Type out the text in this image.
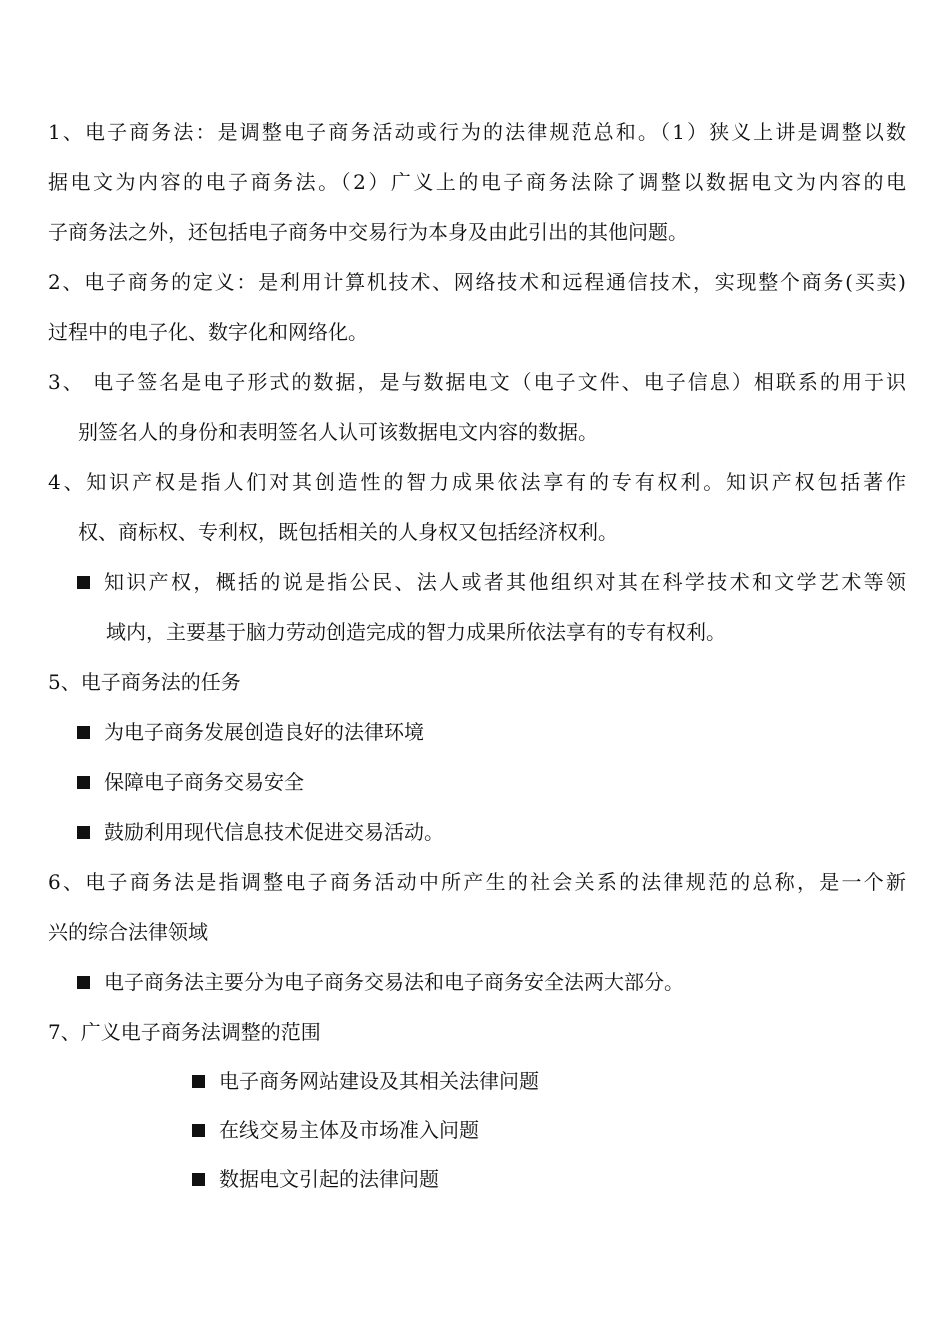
1、电子商务法：是调整电子商务活动或行为的法律规范总和。（1）狭义上讲是调整以数
据电文为内容的电子商务法。（2）广义上的电子商务法除了调整以数据电文为内容的电
子商务法之外，还包括电子商务中交易行为本身及由此引出的其他问题。
2、电子商务的定义：是利用计算机技术、网络技术和远程通信技术，实现整个商务(买卖)
过程中的电子化、数字化和网络化。
3、 电子签名是电子形式的数据，是与数据电文（电子文件、电子信息）相联系的用于识
别签名人的身份和表明签名人认可该数据电文内容的数据。
4、知识产权是指人们对其创造性的智力成果依法享有的专有权利。知识产权包括著作
权、商标权、专利权，既包括相关的人身权又包括经济权利。
知识产权，概括的说是指公民、法人或者其他组织对其在科学技术和文学艺术等领
域内，主要基于脑力劳动创造完成的智力成果所依法享有的专有权利。
5、电子商务法的任务
为电子商务发展创造良好的法律环境
保障电子商务交易安全
鼓励利用现代信息技术促进交易活动。
6、电子商务法是指调整电子商务活动中所产生的社会关系的法律规范的总称，是一个新
兴的综合法律领域
电子商务法主要分为电子商务交易法和电子商务安全法两大部分。
7、广义电子商务法调整的范围
电子商务网站建设及其相关法律问题
在线交易主体及市场准入问题
数据电文引起的法律问题
